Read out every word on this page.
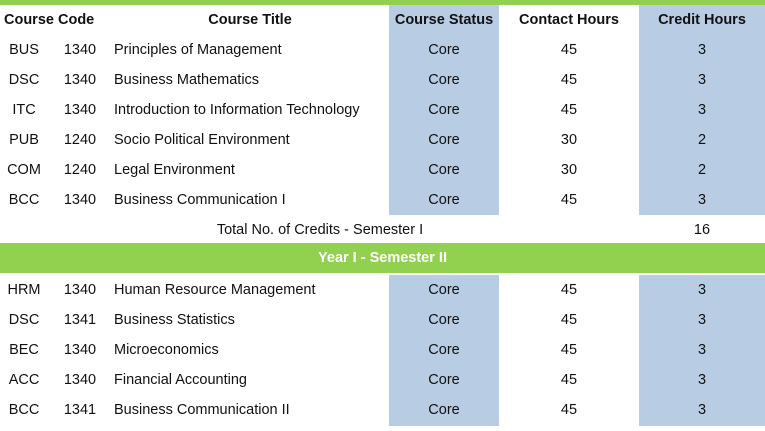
Course Code	Course Title	Course Status	Contact Hours	Credit Hours
BUS	1340	Principles of Management	Core	45	3
DSC	1340	Business Mathematics	Core	45	3
ITC	1340	Introduction to Information Technology	Core	45	3
PUB	1240	Socio Political Environment	Core	30	2
COM	1240	Legal Environment	Core	30	2
BCC	1340	Business Communication I	Core	45	3
Total No. of Credits - Semester I	16
Year I - Semester II
HRM	1340	Human Resource Management	Core	45	3
DSC	1341	Business Statistics	Core	45	3
BEC	1340	Microeconomics	Core	45	3
ACC	1340	Financial Accounting	Core	45	3
BCC	1341	Business Communication II	Core	45	3
